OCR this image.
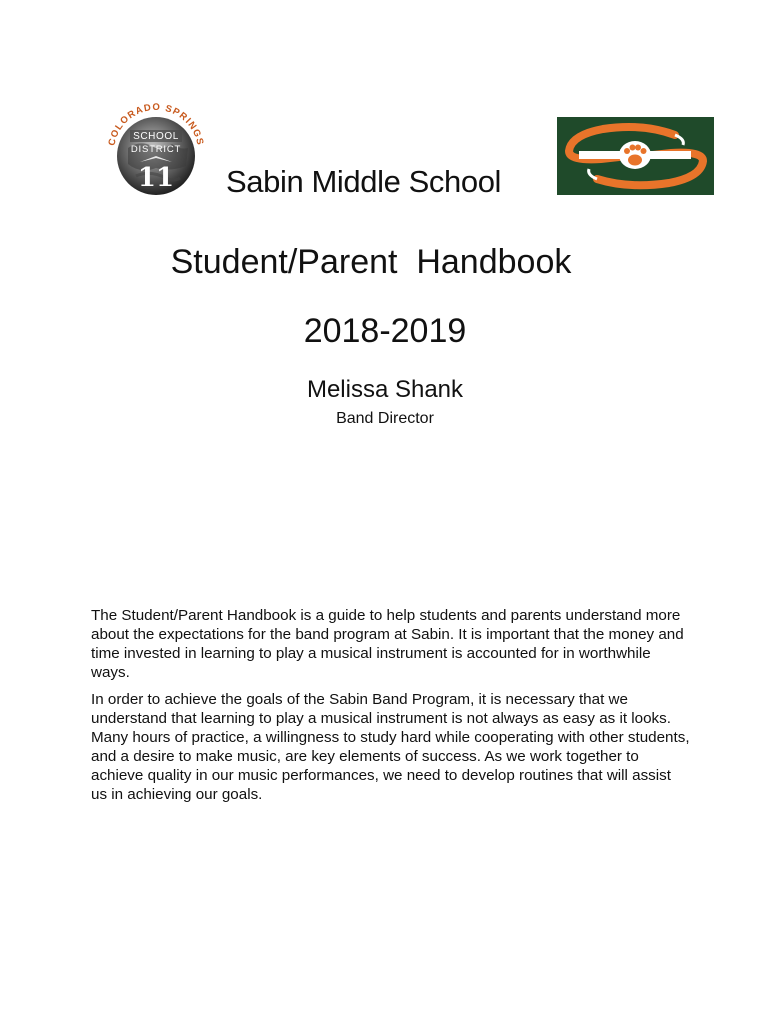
COLORADO SPRINGS
SCHOOL
DISTRICT
11 Sabin Middle School
Student/Parent  Handbook
2018-2019
Melissa Shank
Band Director

The Student/Parent Handbook is a guide to help students and parents understand more about the expectations for the band program at Sabin. It is important that the money and time invested in learning to play a musical instrument is accounted for in worthwhile ways.

In order to achieve the goals of the Sabin Band Program, it is necessary that we understand that learning to play a musical instrument is not always as easy as it looks. Many hours of practice, a willingness to study hard while cooperating with other students, and a desire to make music, are key elements of success. As we work together to achieve quality in our music performances, we need to develop routines that will assist us in achieving our goals.
